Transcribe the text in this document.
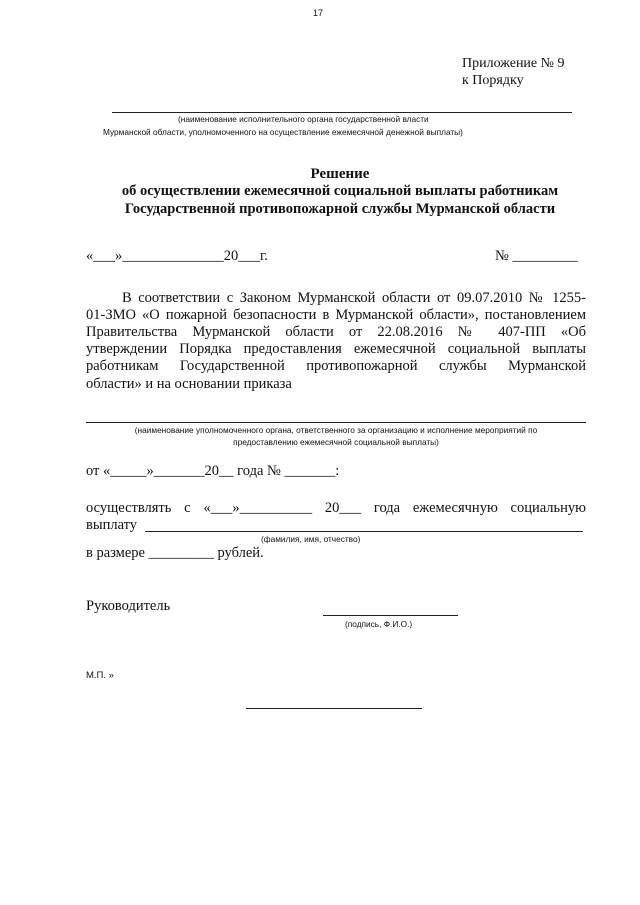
17
Приложение № 9
к Порядку
(наименование исполнительного органа государственной власти
Мурманской области, уполномоченного на осуществление ежемесячной денежной выплаты)
Решение
об осуществлении ежемесячной социальной выплаты работникам
Государственной противопожарной службы Мурманской области
«___»______________20___г.	№ _________
В соответствии с Законом Мурманской области от 09.07.2010 № 1255-
01-ЗМО «О пожарной безопасности в Мурманской области», постановлением
Правительства Мурманской области от 22.08.2016 № 407-ПП «Об
утверждении Порядка предоставления ежемесячной социальной выплаты
работникам Государственной противопожарной службы Мурманской
области» и на основании приказа
(наименование уполномоченного органа, ответственного за организацию и исполнение мероприятий по
предоставлению ежемесячной социальной выплаты)
от «_____»_______20__ года № _______:
осуществлять с «___»__________ 20___ года ежемесячную социальную
выплату
(фамилия, имя, отчество)
в размере _________ рублей.
Руководитель
(подпись, Ф.И.О.)
М.П. »
